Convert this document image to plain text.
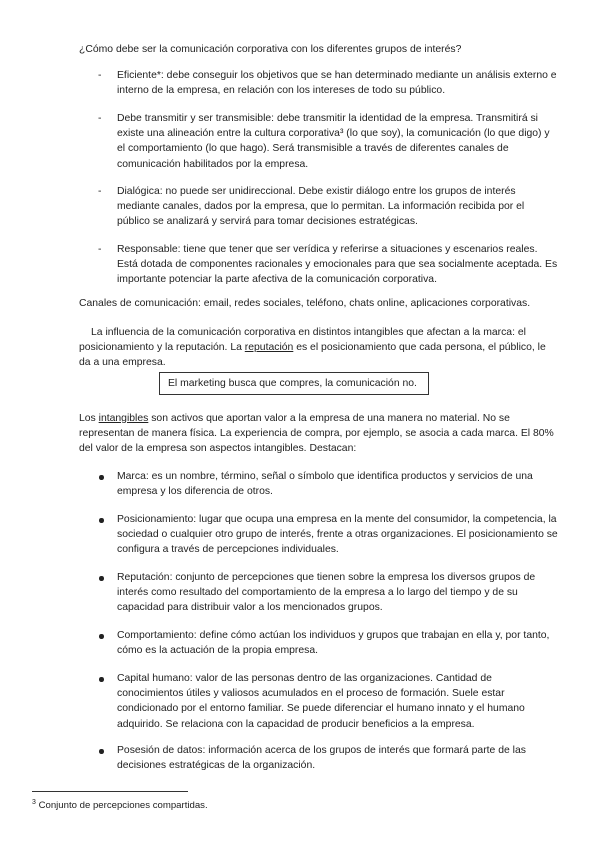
¿Cómo debe ser la comunicación corporativa con los diferentes grupos de interés?

-	Eficiente*: debe conseguir los objetivos que se han determinado mediante un análisis externo e interno de la empresa, en relación con los intereses de todo su público.

-	Debe transmitir y ser transmisible: debe transmitir la identidad de la empresa. Transmitirá si existe una alineación entre la cultura corporativa³ (lo que soy), la comunicación (lo que digo) y el comportamiento (lo que hago). Será transmisible a través de diferentes canales de comunicación habilitados por la empresa.

-	Dialógica: no puede ser unidireccional. Debe existir diálogo entre los grupos de interés mediante canales, dados por la empresa, que lo permitan. La información recibida por el público se analizará y servirá para tomar decisiones estratégicas.

-	Responsable: tiene que tener que ser verídica y referirse a situaciones y escenarios reales. Está dotada de componentes racionales y emocionales para que sea socialmente aceptada. Es importante potenciar la parte afectiva de la comunicación corporativa.

Canales de comunicación: email, redes sociales, teléfono, chats online, aplicaciones corporativas.

La influencia de la comunicación corporativa en distintos intangibles que afectan a la marca: el posicionamiento y la reputación. La reputación es el posicionamiento que cada persona, el público, le da a una empresa.

El marketing busca que compres, la comunicación no.

Los intangibles son activos que aportan valor a la empresa de una manera no material. No se representan de manera física. La experiencia de compra, por ejemplo, se asocia a cada marca. El 80% del valor de la empresa son aspectos intangibles. Destacan:

Marca: es un nombre, término, señal o símbolo que identifica productos y servicios de una empresa y los diferencia de otros.

Posicionamiento: lugar que ocupa una empresa en la mente del consumidor, la competencia, la sociedad o cualquier otro grupo de interés, frente a otras organizaciones. El posicionamiento se configura a través de percepciones individuales.

Reputación: conjunto de percepciones que tienen sobre la empresa los diversos grupos de interés como resultado del comportamiento de la empresa a lo largo del tiempo y de su capacidad para distribuir valor a los mencionados grupos.

Comportamiento: define cómo actúan los individuos y grupos que trabajan en ella y, por tanto, cómo es la actuación de la propia empresa.

Capital humano: valor de las personas dentro de las organizaciones. Cantidad de conocimientos útiles y valiosos acumulados en el proceso de formación. Suele estar condicionado por el entorno familiar. Se puede diferenciar el humano innato y el humano adquirido. Se relaciona con la capacidad de producir beneficios a la empresa.

Posesión de datos: información acerca de los grupos de interés que formará parte de las decisiones estratégicas de la organización.

$^3$ Conjunto de percepciones compartidas.
